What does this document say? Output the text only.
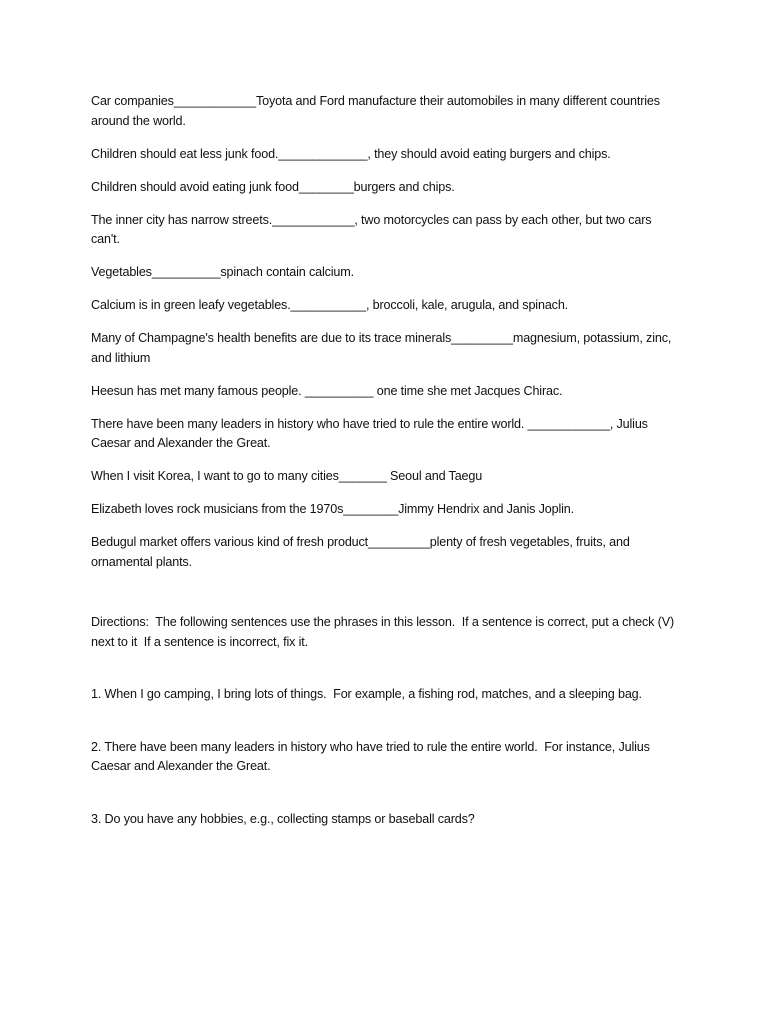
Car companies____________Toyota and Ford manufacture their automobiles in many different countries around the world.

Children should eat less junk food._____________, they should avoid eating burgers and chips.

Children should avoid eating junk food________burgers and chips.

The inner city has narrow streets.____________, two motorcycles can pass by each other, but two cars can't.

Vegetables__________spinach contain calcium.

Calcium is in green leafy vegetables.___________, broccoli, kale, arugula, and spinach.

Many of Champagne's health benefits are due to its trace minerals_________magnesium, potassium, zinc, and lithium

Heesun has met many famous people. __________ one time she met Jacques Chirac.

There have been many leaders in history who have tried to rule the entire world. ____________, Julius Caesar and Alexander the Great.

When I visit Korea, I want to go to many cities_______ Seoul and Taegu

Elizabeth loves rock musicians from the 1970s________Jimmy Hendrix and Janis Joplin.

Bedugul market offers various kind of fresh product_________plenty of fresh vegetables, fruits, and ornamental plants.

Directions:  The following sentences use the phrases in this lesson.  If a sentence is correct, put a check (V) next to it  If a sentence is incorrect, fix it.

1. When I go camping, I bring lots of things.  For example, a fishing rod, matches, and a sleeping bag.

2. There have been many leaders in history who have tried to rule the entire world.  For instance, Julius Caesar and Alexander the Great.

3. Do you have any hobbies, e.g., collecting stamps or baseball cards?
